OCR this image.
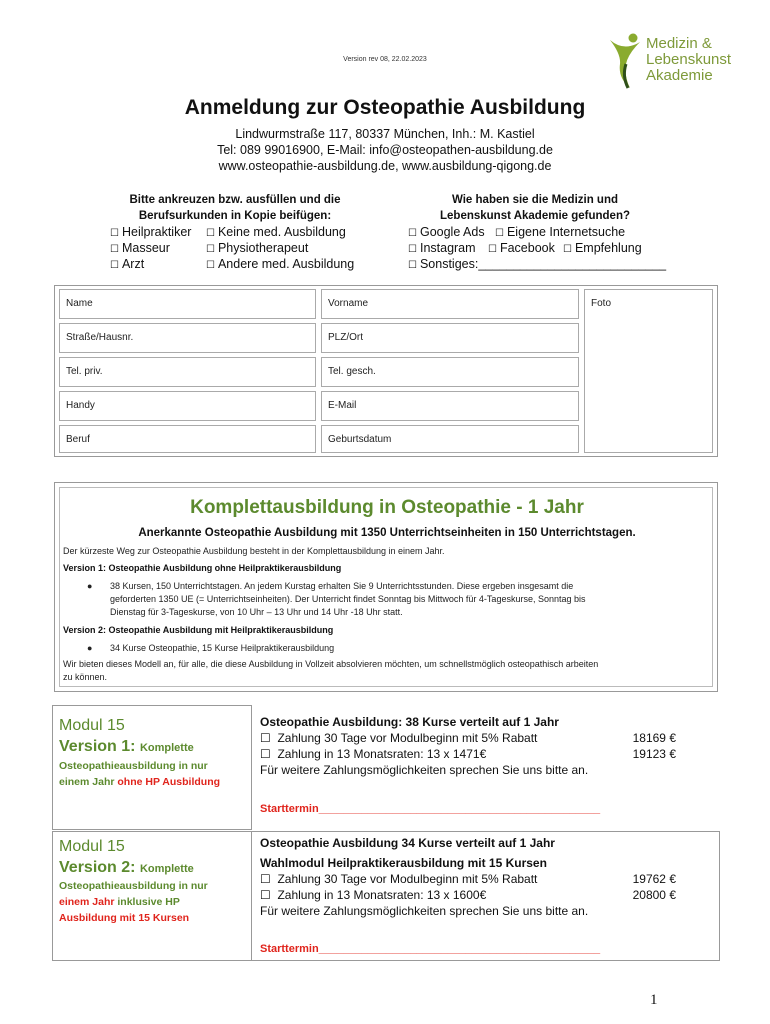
Version rev 08, 22.02.2023
Medizin &
Lebenskunst
Akademie
Anmeldung zur Osteopathie Ausbildung
Lindwurmstraße 117, 80337 München, Inh.: M. Kastiel
Tel: 089 99016900, E-Mail: info@osteopathen-ausbildung.de
www.osteopathie-ausbildung.de, www.ausbildung-qigong.de
Bitte ankreuzen bzw. ausfüllen und die
Berufsurkunden in Kopie beifügen:
☐ Heilpraktiker ☐ Keine med. Ausbildung
☐ Masseur	☐ Physiotherapeut
☐ Arzt	☐ Andere med. Ausbildung
Wie haben sie die Medizin und
Lebenskunst Akademie gefunden?
☐ Google Ads ☐ Eigene Internetsuche
☐ Instagram ☐ Facebook ☐ Empfehlung
☐ Sonstiges:___________________________
Name	Vorname	Foto
Straße/Hausnr.	PLZ/Ort
Tel. priv.	Tel. gesch.
Handy	E-Mail
Beruf	Geburtsdatum
Komplettausbildung in Osteopathie - 1 Jahr
Anerkannte Osteopathie Ausbildung mit 1350 Unterrichtseinheiten in 150 Unterrichtstagen.
Der kürzeste Weg zur Osteopathie Ausbildung besteht in der Komplettausbildung in einem Jahr.
Version 1: Osteopathie Ausbildung ohne Heilpraktikerausbildung
● 38 Kursen, 150 Unterrichtstagen. An jedem Kurstag erhalten Sie 9 Unterrichtsstunden. Diese ergeben insgesamt die
geforderten 1350 UE (= Unterrichtseinheiten). Der Unterricht findet Sonntag bis Mittwoch für 4-Tageskurse, Sonntag bis
Dienstag für 3-Tageskurse, von 10 Uhr – 13 Uhr und 14 Uhr -18 Uhr statt.
Version 2: Osteopathie Ausbildung mit Heilpraktikerausbildung
● 34 Kurse Osteopathie, 15 Kurse Heilpraktikerausbildung
Wir bieten dieses Modell an, für alle, die diese Ausbildung in Vollzeit absolvieren möchten, um schnellstmöglich osteopathisch arbeiten
zu können.
Modul 15
Version 1: Komplette
Osteopathieausbildung in nur
einem Jahr ohne HP Ausbildung
Osteopathie Ausbildung: 38 Kurse verteilt auf 1 Jahr
☐ Zahlung 30 Tage vor Modulbeginn mit 5% Rabatt	18169 €
☐ Zahlung in 13 Monatsraten: 13 x 1471€	19123 €
Für weitere Zahlungsmöglichkeiten sprechen Sie uns bitte an.
Starttermin______________________________________________
Modul 15
Version 2: Komplette
Osteopathieausbildung in nur
einem Jahr inklusive HP
Ausbildung mit 15 Kursen
Osteopathie Ausbildung 34 Kurse verteilt auf 1 Jahr
Wahlmodul Heilpraktikerausbildung mit 15 Kursen
☐ Zahlung 30 Tage vor Modulbeginn mit 5% Rabatt	19762 €
☐ Zahlung in 13 Monatsraten: 13 x 1600€	20800 €
Für weitere Zahlungsmöglichkeiten sprechen Sie uns bitte an.
Starttermin______________________________________________
1
